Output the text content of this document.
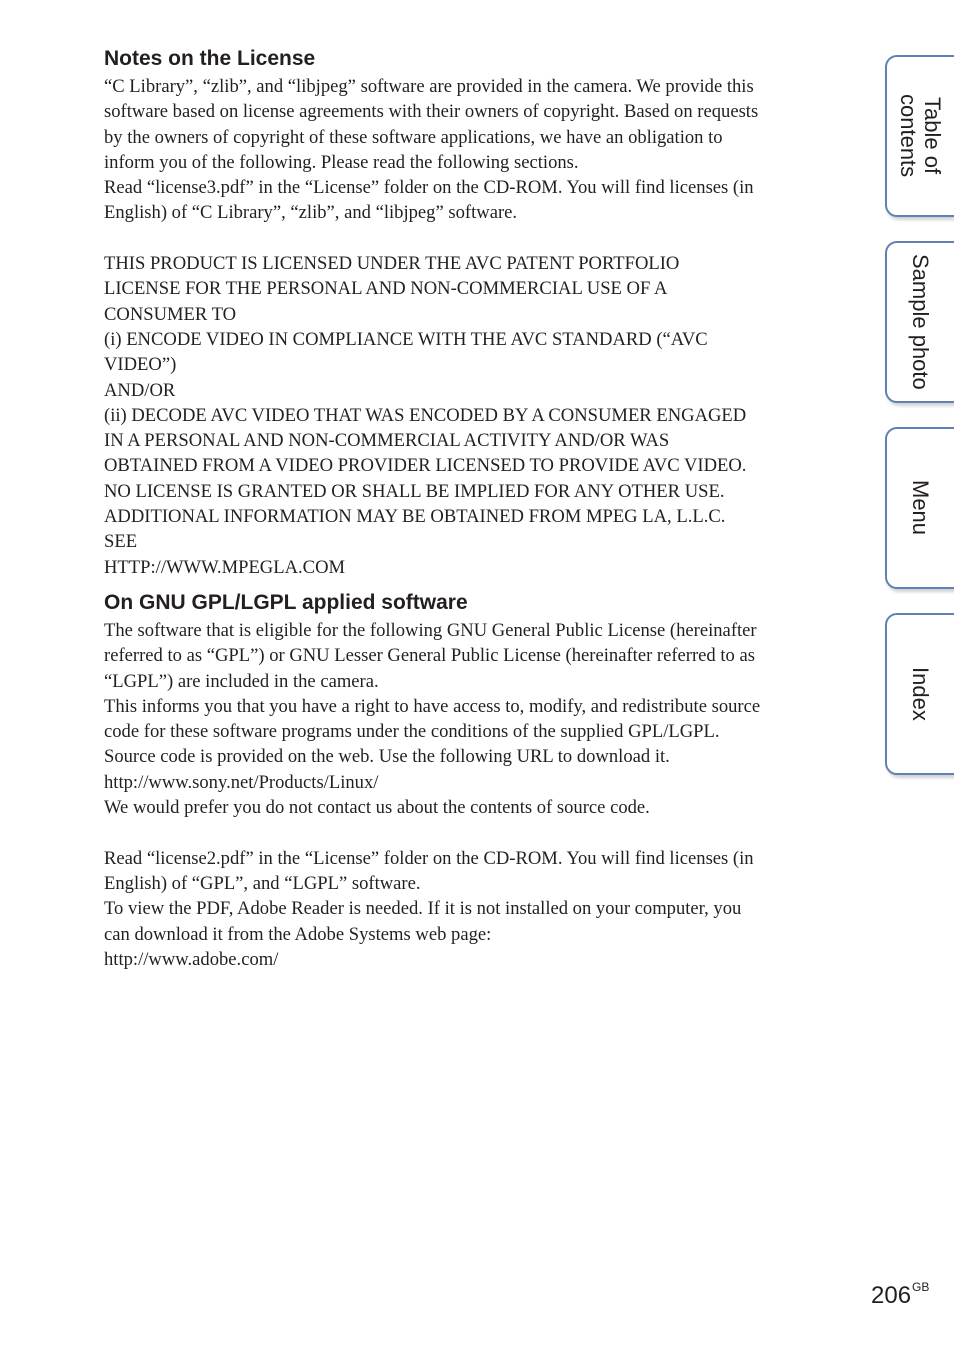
Notes on the License

“C Library”, “zlib”, and “libjpeg” software are provided in the camera. We provide this

software based on license agreements with their owners of copyright. Based on requests

by the owners of copyright of these software applications, we have an obligation to

inform you of the following. Please read the following sections.

Read “license3.pdf” in the “License” folder on the CD-ROM. You will find licenses (in

English) of “C Library”, “zlib”, and “libjpeg” software.

THIS PRODUCT IS LICENSED UNDER THE AVC PATENT PORTFOLIO

LICENSE FOR THE PERSONAL AND NON-COMMERCIAL USE OF A

CONSUMER TO

(i) ENCODE VIDEO IN COMPLIANCE WITH THE AVC STANDARD (“AVC

VIDEO”)

AND/OR

(ii) DECODE AVC VIDEO THAT WAS ENCODED BY A CONSUMER ENGAGED

IN A PERSONAL AND NON-COMMERCIAL ACTIVITY AND/OR WAS

OBTAINED FROM A VIDEO PROVIDER LICENSED TO PROVIDE AVC VIDEO.

NO LICENSE IS GRANTED OR SHALL BE IMPLIED FOR ANY OTHER USE.

ADDITIONAL INFORMATION MAY BE OBTAINED FROM MPEG LA, L.L.C.

SEE

HTTP://WWW.MPEGLA.COM

On GNU GPL/LGPL applied software

The software that is eligible for the following GNU General Public License (hereinafter

referred to as “GPL”) or GNU Lesser General Public License (hereinafter referred to as

“LGPL”) are included in the camera.

This informs you that you have a right to have access to, modify, and redistribute source

code for these software programs under the conditions of the supplied GPL/LGPL.

Source code is provided on the web. Use the following URL to download it.

http://www.sony.net/Products/Linux/

We would prefer you do not contact us about the contents of source code.

Read “license2.pdf” in the “License” folder on the CD-ROM. You will find licenses (in

English) of “GPL”, and “LGPL” software.

To view the PDF, Adobe Reader is needed. If it is not installed on your computer, you

can download it from the Adobe Systems web page:

http://www.adobe.com/

Table of
contents
Sample photo
Menu
Index
$206^{GB}$
